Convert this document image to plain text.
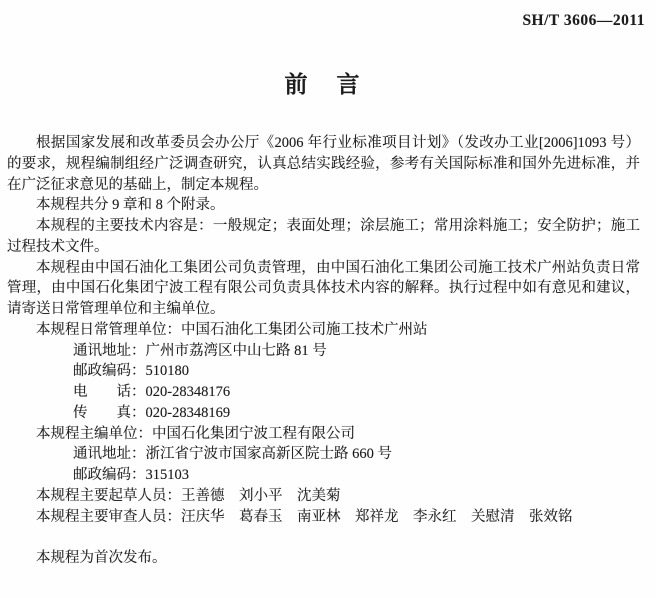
SH/T 3606—2011
前　言

根据国家发展和改革委员会办公厅《2006 年行业标准项目计划》（发改办工业[2006]1093 号）的要求，规程编制组经广泛调查研究，认真总结实践经验，参考有关国际标准和国外先进标准，并在广泛征求意见的基础上，制定本规程。

本规程共分 9 章和 8 个附录。

本规程的主要技术内容是：一般规定；表面处理；涂层施工；常用涂料施工；安全防护；施工过程技术文件。

本规程由中国石油化工集团公司负责管理，由中国石油化工集团公司施工技术广州站负责日常管理，由中国石化集团宁波工程有限公司负责具体技术内容的解释。执行过程中如有意见和建议，请寄送日常管理单位和主编单位。

本规程日常管理单位：中国石油化工集团公司施工技术广州站

通讯地址：广州市荔湾区中山七路 81 号

邮政编码：510180

电　　话：020-28348176

传　　真：020-28348169

本规程主编单位：中国石化集团宁波工程有限公司

通讯地址：浙江省宁波市国家高新区院士路 660 号

邮政编码：315103

本规程主要起草人员：王善德　刘小平　沈美菊

本规程主要审查人员：汪庆华　葛春玉　南亚林　郑祥龙　李永红　关慰清　张效铭

本规程为首次发布。
